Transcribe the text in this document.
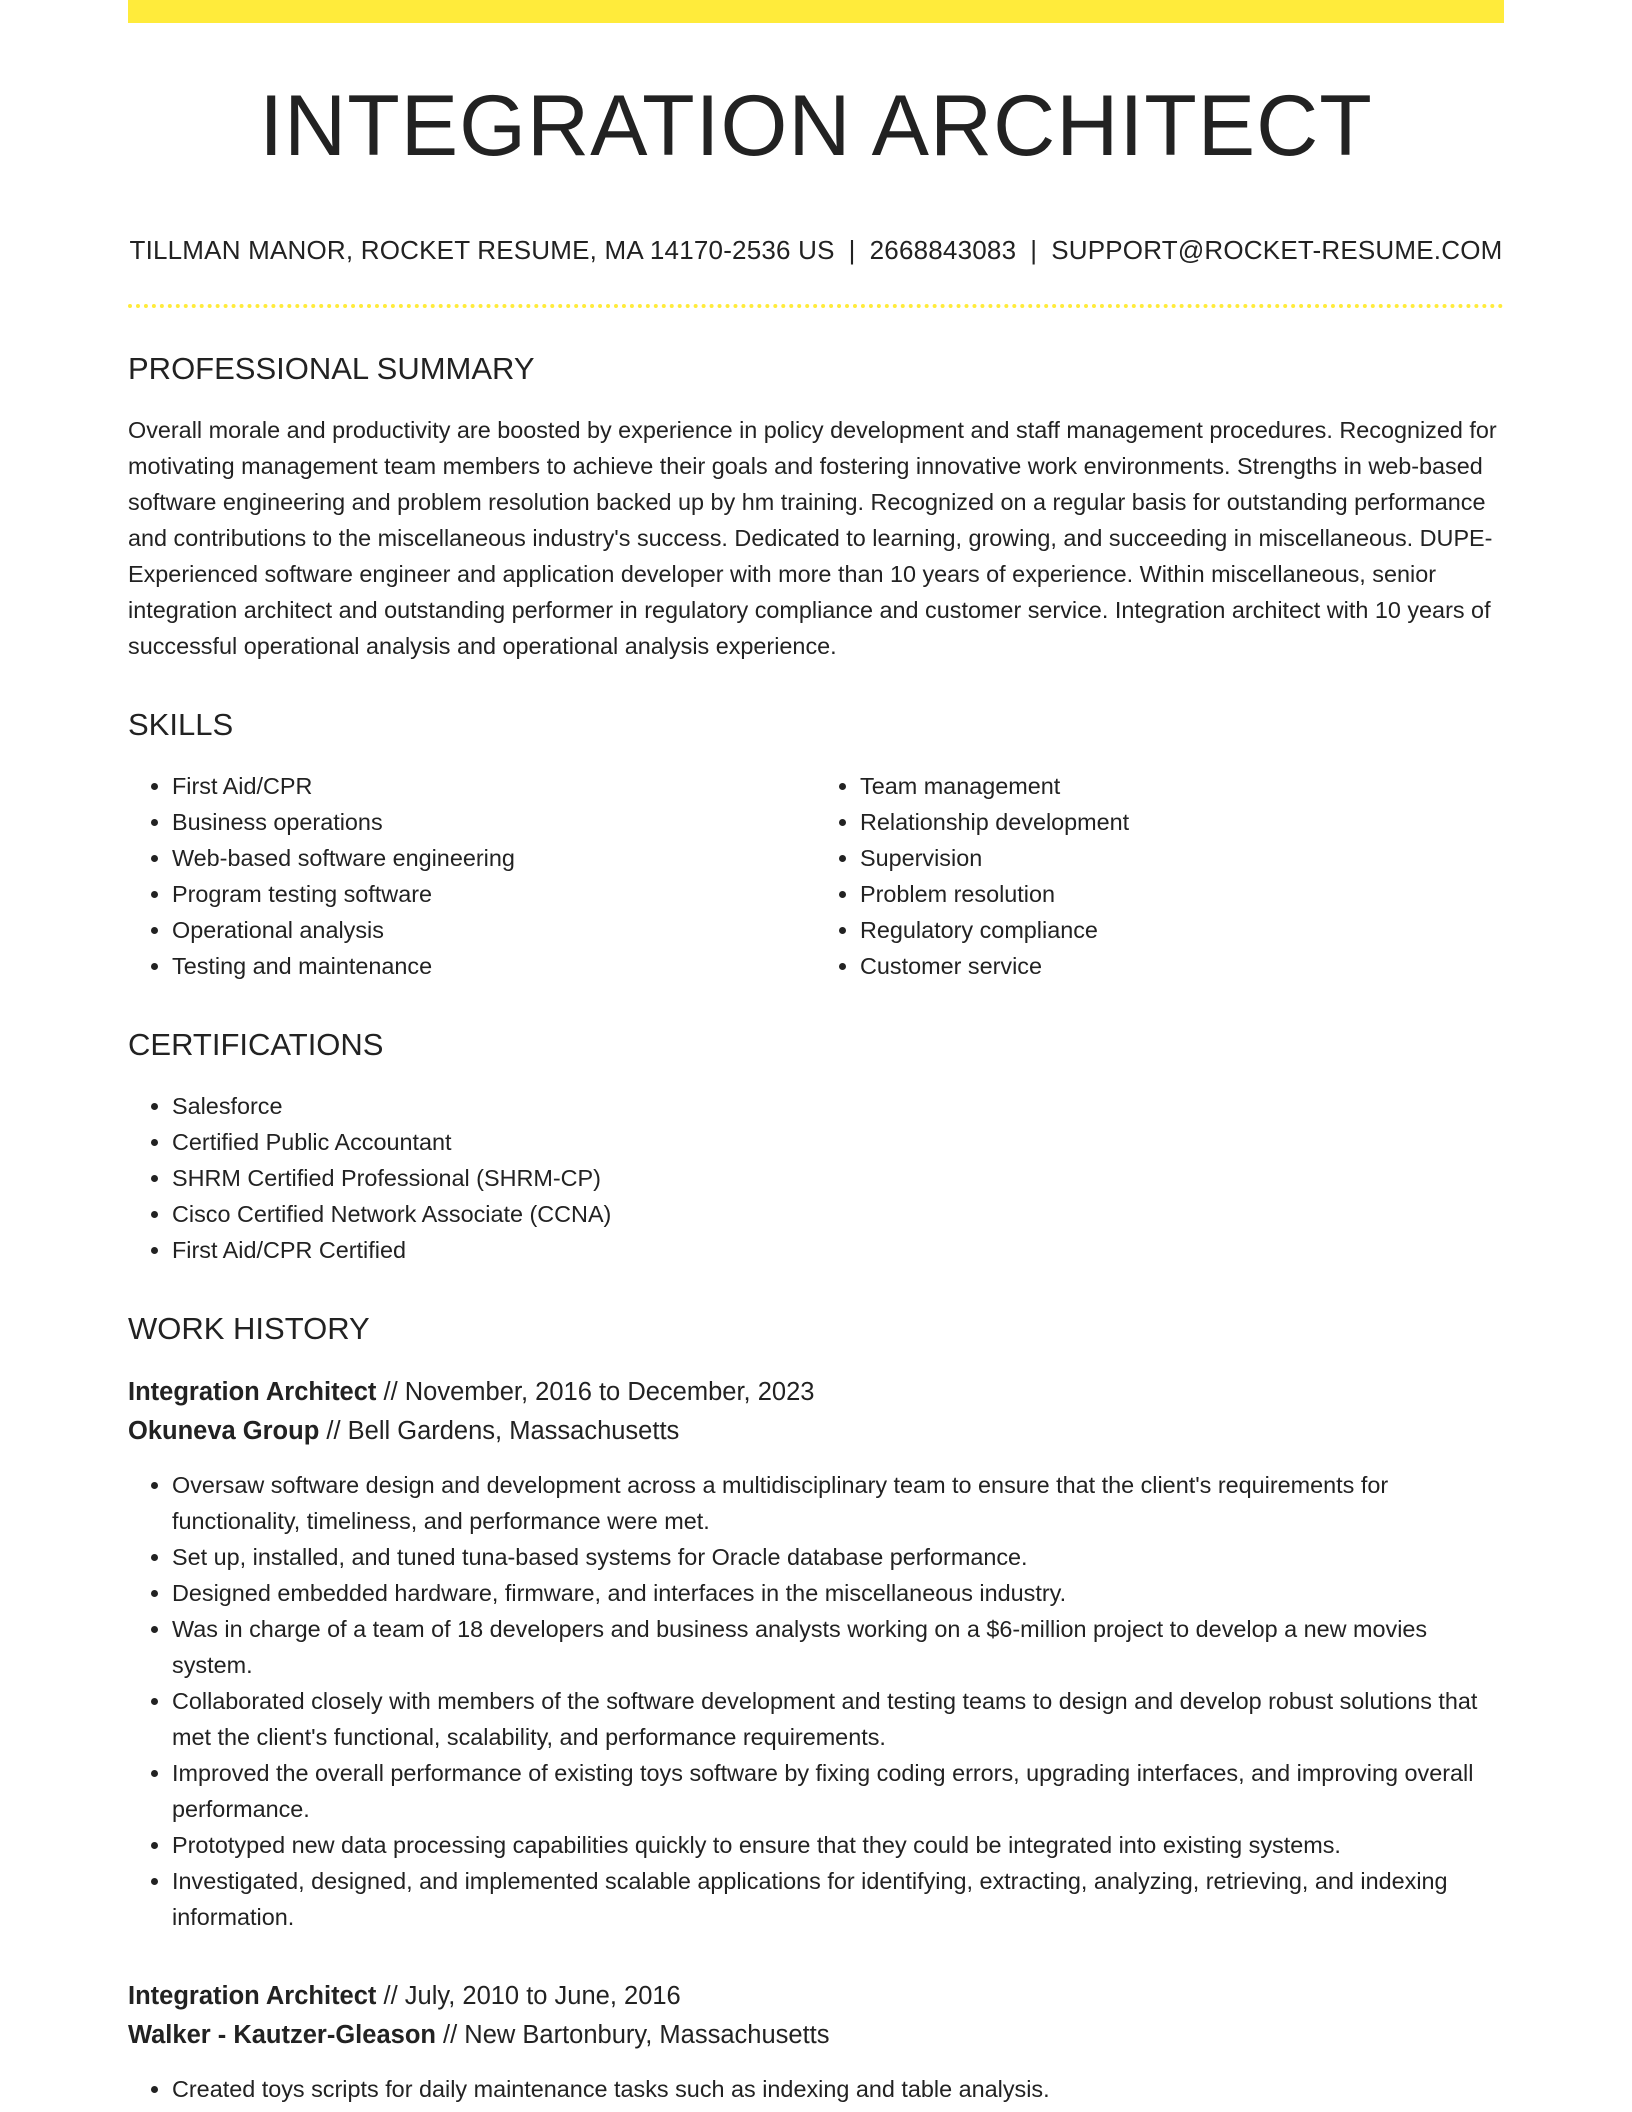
INTEGRATION ARCHITECT
TILLMAN MANOR, ROCKET RESUME, MA 14170-2536 US | 2668843083 | SUPPORT@ROCKET-RESUME.COM
PROFESSIONAL SUMMARY
Overall morale and productivity are boosted by experience in policy development and staff management procedures. Recognized for motivating management team members to achieve their goals and fostering innovative work environments. Strengths in web-based software engineering and problem resolution backed up by hm training. Recognized on a regular basis for outstanding performance and contributions to the miscellaneous industry's success. Dedicated to learning, growing, and succeeding in miscellaneous. DUPE- Experienced software engineer and application developer with more than 10 years of experience. Within miscellaneous, senior integration architect and outstanding performer in regulatory compliance and customer service. Integration architect with 10 years of successful operational analysis and operational analysis experience.
SKILLS
• First Aid/CPR
• Business operations
• Web-based software engineering
• Program testing software
• Operational analysis
• Testing and maintenance
• Team management
• Relationship development
• Supervision
• Problem resolution
• Regulatory compliance
• Customer service
CERTIFICATIONS
• Salesforce
• Certified Public Accountant
• SHRM Certified Professional (SHRM-CP)
• Cisco Certified Network Associate (CCNA)
• First Aid/CPR Certified
WORK HISTORY
Integration Architect // November, 2016 to December, 2023
Okuneva Group // Bell Gardens, Massachusetts
• Oversaw software design and development across a multidisciplinary team to ensure that the client's requirements for functionality, timeliness, and performance were met.
• Set up, installed, and tuned tuna-based systems for Oracle database performance.
• Designed embedded hardware, firmware, and interfaces in the miscellaneous industry.
• Was in charge of a team of 18 developers and business analysts working on a $6-million project to develop a new movies system.
• Collaborated closely with members of the software development and testing teams to design and develop robust solutions that met the client's functional, scalability, and performance requirements.
• Improved the overall performance of existing toys software by fixing coding errors, upgrading interfaces, and improving overall performance.
• Prototyped new data processing capabilities quickly to ensure that they could be integrated into existing systems.
• Investigated, designed, and implemented scalable applications for identifying, extracting, analyzing, retrieving, and indexing information.
Integration Architect // July, 2010 to June, 2016
Walker - Kautzer-Gleason // New Bartonbury, Massachusetts
• Created toys scripts for daily maintenance tasks such as indexing and table analysis.
